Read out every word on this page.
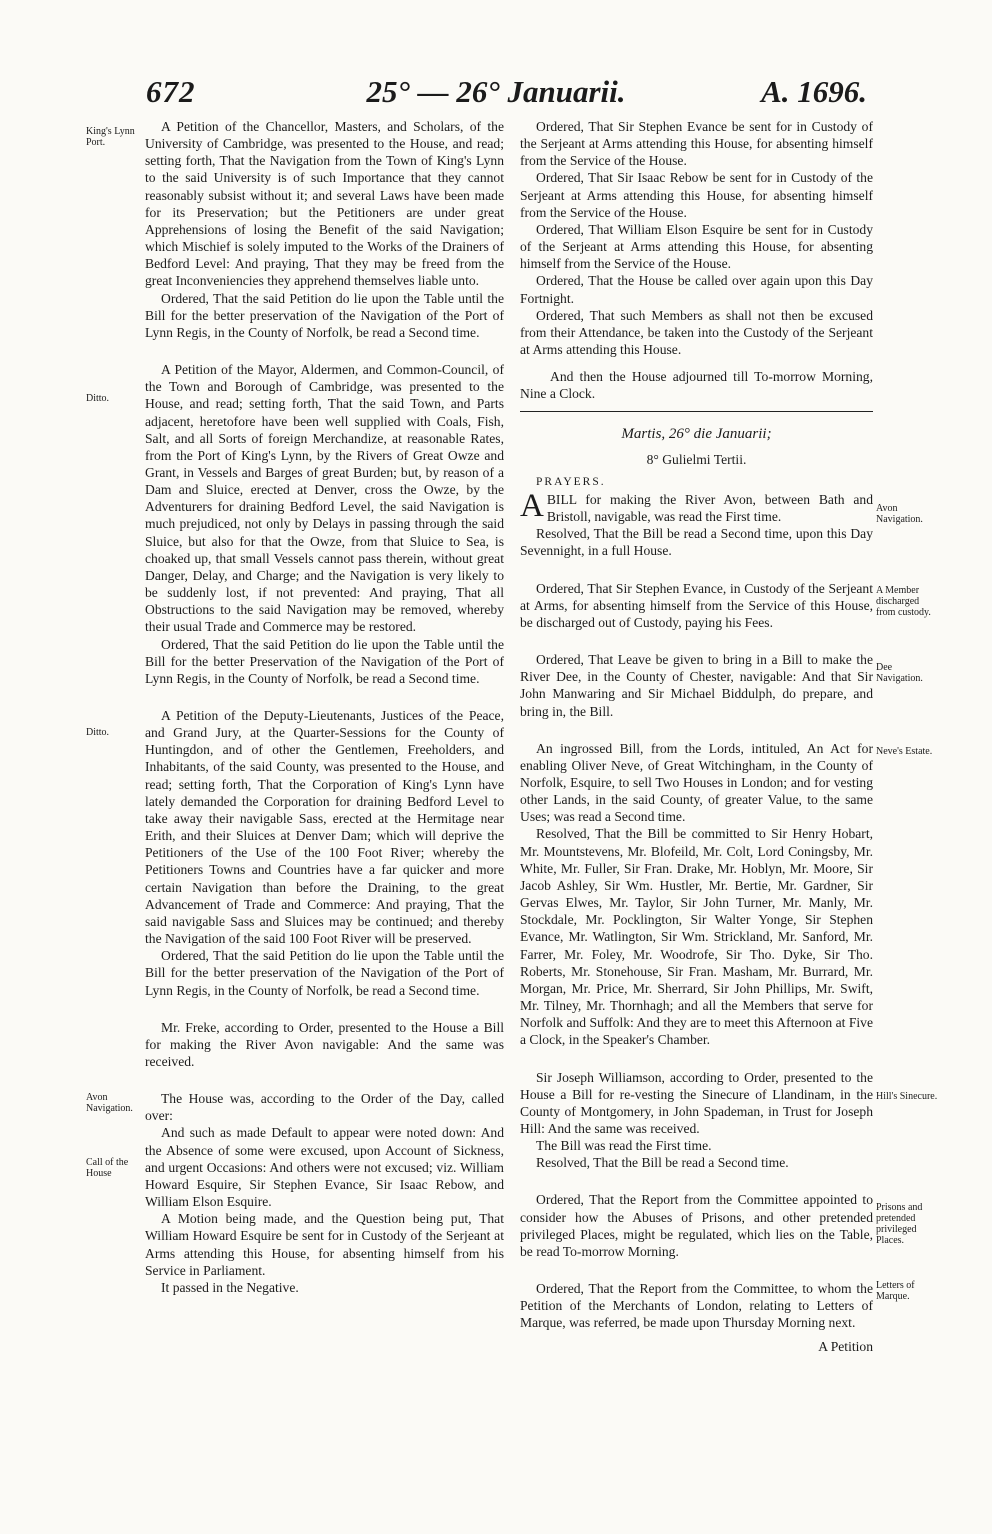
672	25° — 26° Januarii.	A. 1696.
King's Lynn Port.
Ditto.
Ditto.
Avon Navigation.
Call of the House
Avon Navigation.
A Member discharged from custody.
Dee Navigation.
Neve's Estate.
Hill's Sinecure.
Prisons and pretended privileged Places.
Letters of Marque.

A Petition of the Chancellor, Masters, and Scholars, of the University of Cambridge, was presented to the House, and read; setting forth, That the Navigation from the Town of King's Lynn to the said University is of such Importance that they cannot reasonably subsist without it; and several Laws have been made for its Preservation; but the Petitioners are under great Apprehensions of losing the Benefit of the said Navigation; which Mischief is solely imputed to the Works of the Drainers of Bedford Level: And praying, That they may be freed from the great Inconveniencies they apprehend themselves liable unto.

Ordered, That the said Petition do lie upon the Table until the Bill for the better preservation of the Navigation of the Port of Lynn Regis, in the County of Norfolk, be read a Second time.

A Petition of the Mayor, Aldermen, and Common-Council, of the Town and Borough of Cambridge, was presented to the House, and read; setting forth, That the said Town, and Parts adjacent, heretofore have been well supplied with Coals, Fish, Salt, and all Sorts of foreign Merchandize, at reasonable Rates, from the Port of King's Lynn, by the Rivers of Great Owze and Grant, in Vessels and Barges of great Burden; but, by reason of a Dam and Sluice, erected at Denver, cross the Owze, by the Adventurers for draining Bedford Level, the said Navigation is much prejudiced, not only by Delays in passing through the said Sluice, but also for that the Owze, from that Sluice to Sea, is choaked up, that small Vessels cannot pass therein, without great Danger, Delay, and Charge; and the Navigation is very likely to be suddenly lost, if not prevented: And praying, That all Obstructions to the said Navigation may be removed, whereby their usual Trade and Commerce may be restored.

Ordered, That the said Petition do lie upon the Table until the Bill for the better Preservation of the Navigation of the Port of Lynn Regis, in the County of Norfolk, be read a Second time.

A Petition of the Deputy-Lieutenants, Justices of the Peace, and Grand Jury, at the Quarter-Sessions for the County of Huntingdon, and of other the Gentlemen, Freeholders, and Inhabitants, of the said County, was presented to the House, and read; setting forth, That the Corporation of King's Lynn have lately demanded the Corporation for draining Bedford Level to take away their navigable Sass, erected at the Hermitage near Erith, and their Sluices at Denver Dam; which will deprive the Petitioners of the Use of the 100 Foot River; whereby the Petitioners Towns and Countries have a far quicker and more certain Navigation than before the Draining, to the great Advancement of Trade and Commerce: And praying, That the said navigable Sass and Sluices may be continued; and thereby the Navigation of the said 100 Foot River will be preserved.

Ordered, That the said Petition do lie upon the Table until the Bill for the better preservation of the Navigation of the Port of Lynn Regis, in the County of Norfolk, be read a Second time.

Mr. Freke, according to Order, presented to the House a Bill for making the River Avon navigable: And the same was received.

The House was, according to the Order of the Day, called over:

And such as made Default to appear were noted down: And the Absence of some were excused, upon Account of Sickness, and urgent Occasions: And others were not excused; viz. William Howard Esquire, Sir Stephen Evance, Sir Isaac Rebow, and William Elson Esquire.

A Motion being made, and the Question being put, That William Howard Esquire be sent for in Custody of the Serjeant at Arms attending this House, for absenting himself from his Service in Parliament.

It passed in the Negative.

Ordered, That Sir Stephen Evance be sent for in Custody of the Serjeant at Arms attending this House, for absenting himself from the Service of the House.

Ordered, That Sir Isaac Rebow be sent for in Custody of the Serjeant at Arms attending this House, for absenting himself from the Service of the House.

Ordered, That William Elson Esquire be sent for in Custody of the Serjeant at Arms attending this House, for absenting himself from the Service of the House.

Ordered, That the House be called over again upon this Day Fortnight.

Ordered, That such Members as shall not then be excused from their Attendance, be taken into the Custody of the Serjeant at Arms attending this House.

And then the House adjourned till To-morrow Morning, Nine a Clock.

Martis, 26° die Januarii;

8° Gulielmi Tertii.

PRAYERS.

ABILL for making the River Avon, between Bath and Bristoll, navigable, was read the First time.

Resolved, That the Bill be read a Second time, upon this Day Sevennight, in a full House.

Ordered, That Sir Stephen Evance, in Custody of the Serjeant at Arms, for absenting himself from the Service of this House, be discharged out of Custody, paying his Fees.

Ordered, That Leave be given to bring in a Bill to make the River Dee, in the County of Chester, navigable: And that Sir John Manwaring and Sir Michael Biddulph, do prepare, and bring in, the Bill.

An ingrossed Bill, from the Lords, intituled, An Act for enabling Oliver Neve, of Great Witchingham, in the County of Norfolk, Esquire, to sell Two Houses in London; and for vesting other Lands, in the said County, of greater Value, to the same Uses; was read a Second time.

Resolved, That the Bill be committed to Sir Henry Hobart, Mr. Mountstevens, Mr. Blofeild, Mr. Colt, Lord Coningsby, Mr. White, Mr. Fuller, Sir Fran. Drake, Mr. Hoblyn, Mr. Moore, Sir Jacob Ashley, Sir Wm. Hustler, Mr. Bertie, Mr. Gardner, Sir Gervas Elwes, Mr. Taylor, Sir John Turner, Mr. Manly, Mr. Stockdale, Mr. Pocklington, Sir Walter Yonge, Sir Stephen Evance, Mr. Watlington, Sir Wm. Strickland, Mr. Sanford, Mr. Farrer, Mr. Foley, Mr. Woodrofe, Sir Tho. Dyke, Sir Tho. Roberts, Mr. Stonehouse, Sir Fran. Masham, Mr. Burrard, Mr. Morgan, Mr. Price, Mr. Sherrard, Sir John Phillips, Mr. Swift, Mr. Tilney, Mr. Thornhagh; and all the Members that serve for Norfolk and Suffolk: And they are to meet this Afternoon at Five a Clock, in the Speaker's Chamber.

Sir Joseph Williamson, according to Order, presented to the House a Bill for re-vesting the Sinecure of Llandinam, in the County of Montgomery, in John Spademan, in Trust for Joseph Hill: And the same was received.

The Bill was read the First time.

Resolved, That the Bill be read a Second time.

Ordered, That the Report from the Committee appointed to consider how the Abuses of Prisons, and other pretended privileged Places, might be regulated, which lies on the Table, be read To-morrow Morning.

Ordered, That the Report from the Committee, to whom the Petition of the Merchants of London, relating to Letters of Marque, was referred, be made upon Thursday Morning next.

A Petition
